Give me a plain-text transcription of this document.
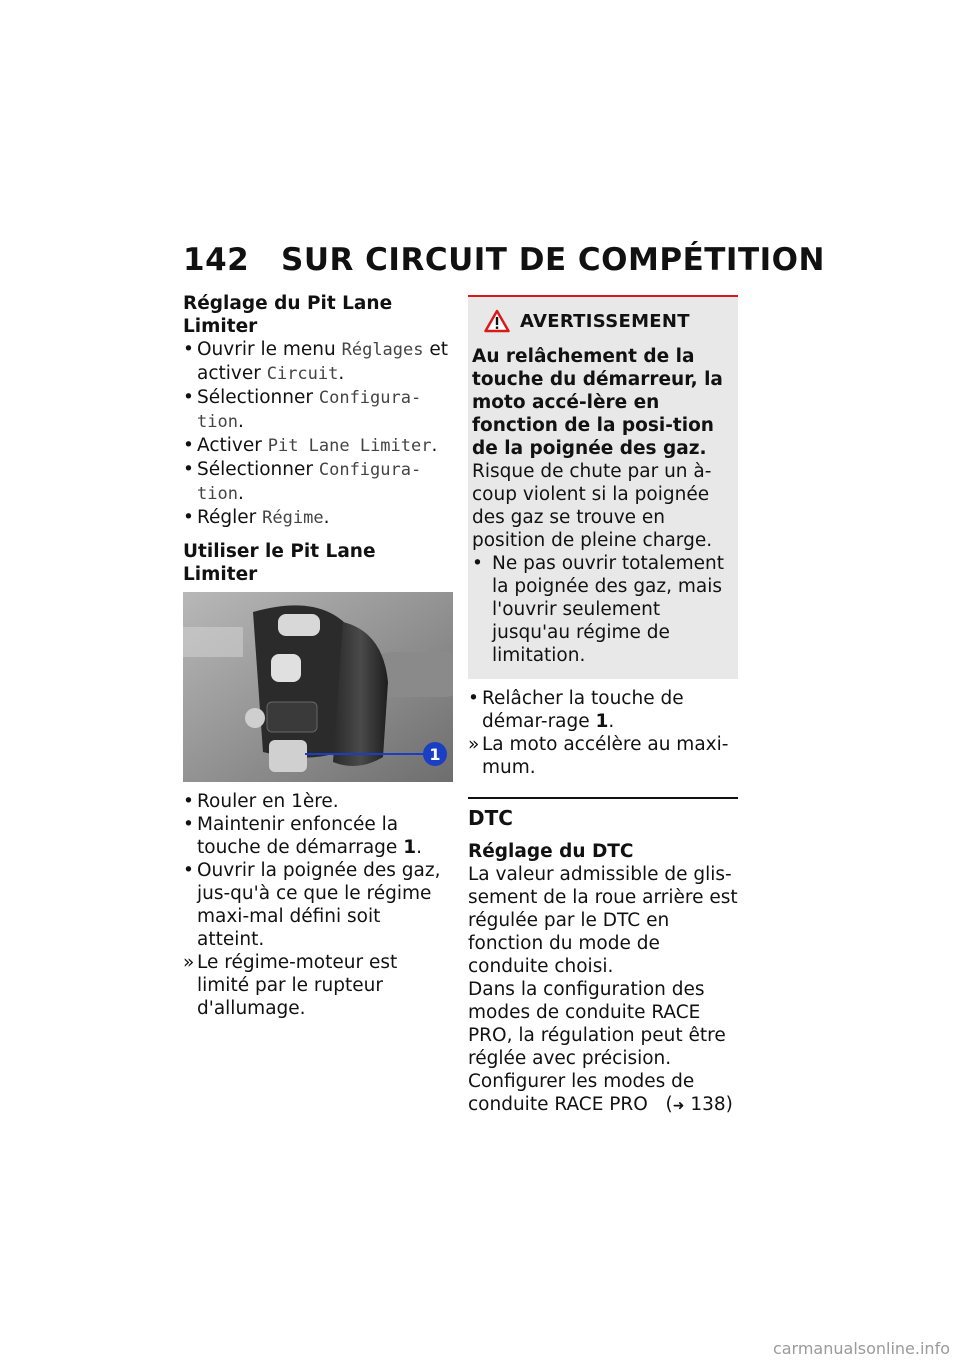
142 SUR CIRCUIT DE COMPÉTITION

Réglage du Pit Lane Limiter

• Ouvrir le menu Réglages et activer Circuit.

• Sélectionner Configura-tion.

• Activer Pit Lane Limiter.

• Sélectionner Configura-tion.

• Régler Régime.

Utiliser le Pit Lane Limiter

1

• Rouler en 1ère.

• Maintenir enfoncée la touche de démarrage 1.

• Ouvrir la poignée des gaz, jus-qu'à ce que le régime maxi-mal défini soit atteint.

» Le régime-moteur est limité par le rupteur d'allumage.

AVERTISSEMENT

Au relâchement de la touche du démarreur, la moto accé-lère en fonction de la posi-tion de la poignée des gaz.

Risque de chute par un à-coup violent si la poignée des gaz se trouve en position de pleine charge.

• Ne pas ouvrir totalement la poignée des gaz, mais l'ouvrir seulement jusqu'au régime de limitation.

• Relâcher la touche de démar-rage 1.

» La moto accélère au maxi-mum.

DTC

Réglage du DTC

La valeur admissible de glis-sement de la roue arrière est régulée par le DTC en fonction du mode de conduite choisi.

Dans la configuration des modes de conduite RACE PRO, la régulation peut être réglée avec précision.

Configurer les modes de conduite RACE PRO (➜ 138)

carmanualsonline.info
